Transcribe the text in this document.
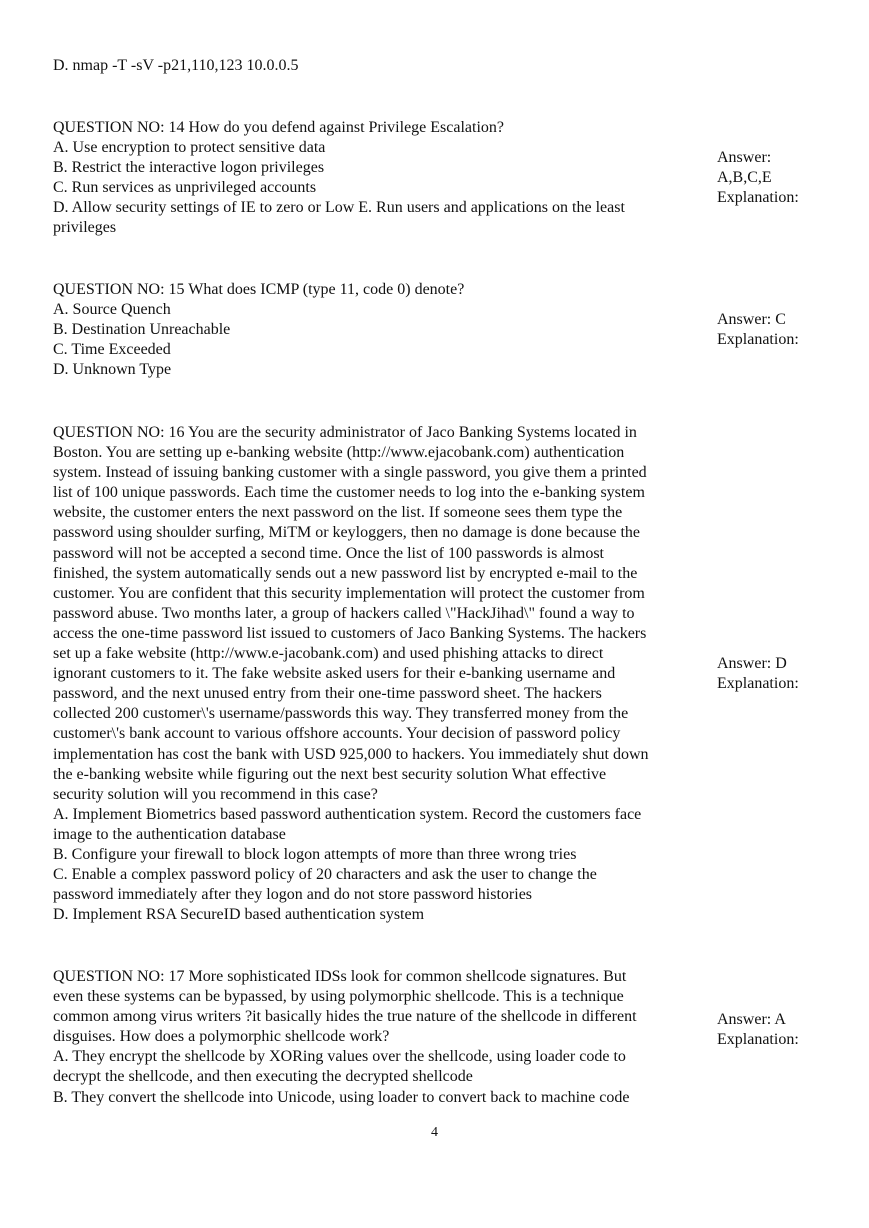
D. nmap -T -sV -p21,110,123 10.0.0.5
QUESTION NO: 14 How do you defend against Privilege Escalation?
A. Use encryption to protect sensitive data
B. Restrict the interactive logon privileges
C. Run services as unprivileged accounts
D. Allow security settings of IE to zero or Low E. Run users and applications on the least
privileges
Answer:
A,B,C,E
Explanation:
QUESTION NO: 15 What does ICMP (type 11, code 0) denote?
A. Source Quench
B. Destination Unreachable
C. Time Exceeded
D. Unknown Type
Answer: C
Explanation:
QUESTION NO: 16 You are the security administrator of Jaco Banking Systems located in
Boston. You are setting up e-banking website (http://www.ejacobank.com) authentication
system. Instead of issuing banking customer with a single password, you give them a printed
list of 100 unique passwords. Each time the customer needs to log into the e-banking system
website, the customer enters the next password on the list. If someone sees them type the
password using shoulder surfing, MiTM or keyloggers, then no damage is done because the
password will not be accepted a second time. Once the list of 100 passwords is almost
finished, the system automatically sends out a new password list by encrypted e-mail to the
customer. You are confident that this security implementation will protect the customer from
password abuse. Two months later, a group of hackers called \"HackJihad\" found a way to
access the one-time password list issued to customers of Jaco Banking Systems. The hackers
set up a fake website (http://www.e-jacobank.com) and used phishing attacks to direct
ignorant customers to it. The fake website asked users for their e-banking username and
password, and the next unused entry from their one-time password sheet. The hackers
collected 200 customer\'s username/passwords this way. They transferred money from the
customer\'s bank account to various offshore accounts. Your decision of password policy
implementation has cost the bank with USD 925,000 to hackers. You immediately shut down
the e-banking website while figuring out the next best security solution What effective
security solution will you recommend in this case?
A. Implement Biometrics based password authentication system. Record the customers face
image to the authentication database
B. Configure your firewall to block logon attempts of more than three wrong tries
C. Enable a complex password policy of 20 characters and ask the user to change the
password immediately after they logon and do not store password histories
D. Implement RSA SecureID based authentication system
Answer: D
Explanation:
QUESTION NO: 17 More sophisticated IDSs look for common shellcode signatures. But
even these systems can be bypassed, by using polymorphic shellcode. This is a technique
common among virus writers ?it basically hides the true nature of the shellcode in different
disguises. How does a polymorphic shellcode work?
A. They encrypt the shellcode by XORing values over the shellcode, using loader code to
decrypt the shellcode, and then executing the decrypted shellcode
B. They convert the shellcode into Unicode, using loader to convert back to machine code
Answer: A
Explanation:
4
